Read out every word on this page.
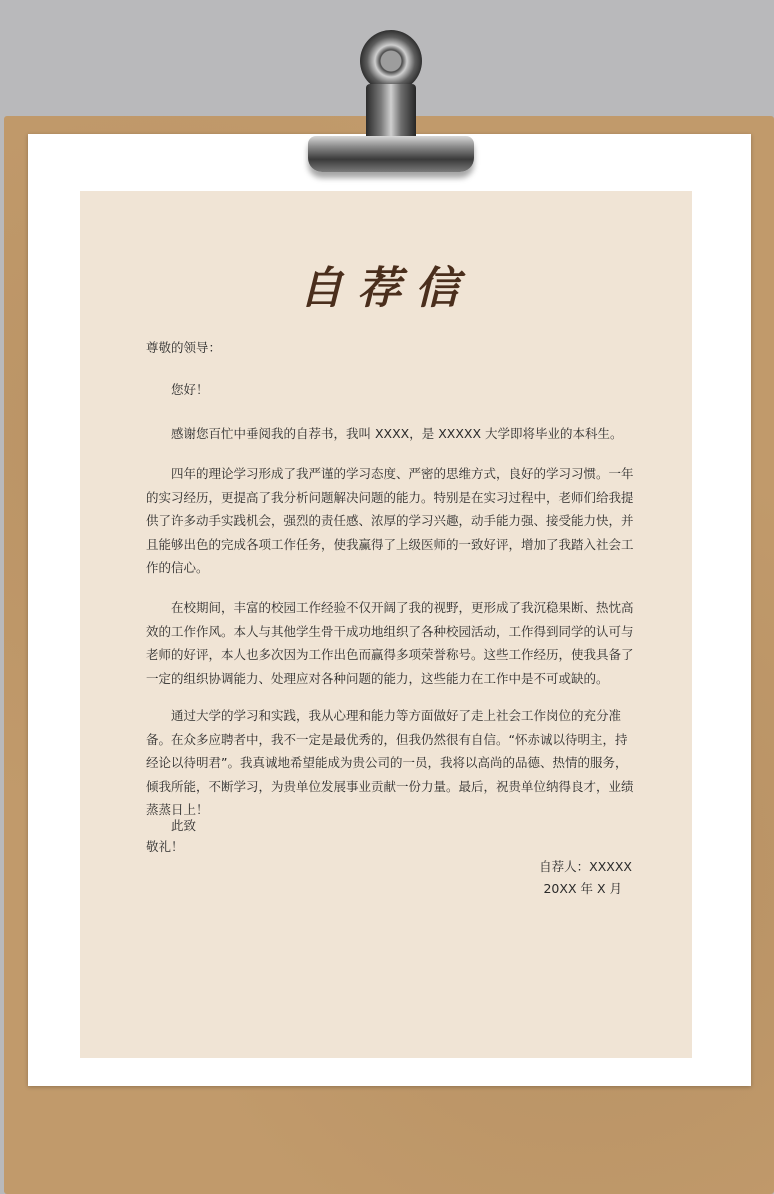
自荐信

尊敬的领导：

您好！

感谢您百忙中垂阅我的自荐书，我叫 XXXX，是 XXXXX 大学即将毕业的本科生。

四年的理论学习形成了我严谨的学习态度、严密的思维方式，良好的学习习惯。一年的实习经历，更提高了我分析问题解决问题的能力。特别是在实习过程中，老师们给我提供了许多动手实践机会，强烈的责任感、浓厚的学习兴趣，动手能力强、接受能力快，并且能够出色的完成各项工作任务，使我赢得了上级医师的一致好评，增加了我踏入社会工作的信心。

在校期间，丰富的校园工作经验不仅开阔了我的视野，更形成了我沉稳果断、热忱高效的工作作风。本人与其他学生骨干成功地组织了各种校园活动，工作得到同学的认可与老师的好评，本人也多次因为工作出色而赢得多项荣誉称号。这些工作经历，使我具备了一定的组织协调能力、处理应对各种问题的能力，这些能力在工作中是不可或缺的。

通过大学的学习和实践，我从心理和能力等方面做好了走上社会工作岗位的充分准备。在众多应聘者中，我不一定是最优秀的，但我仍然很有自信。“怀赤诚以待明主，持经论以待明君”。我真诚地希望能成为贵公司的一员，我将以高尚的品德、热情的服务，倾我所能，不断学习，为贵单位发展事业贡献一份力量。最后，祝贵单位纳得良才，业绩蒸蒸日上！

此致

敬礼！

自荐人：XXXXX
20XX 年 X 月
